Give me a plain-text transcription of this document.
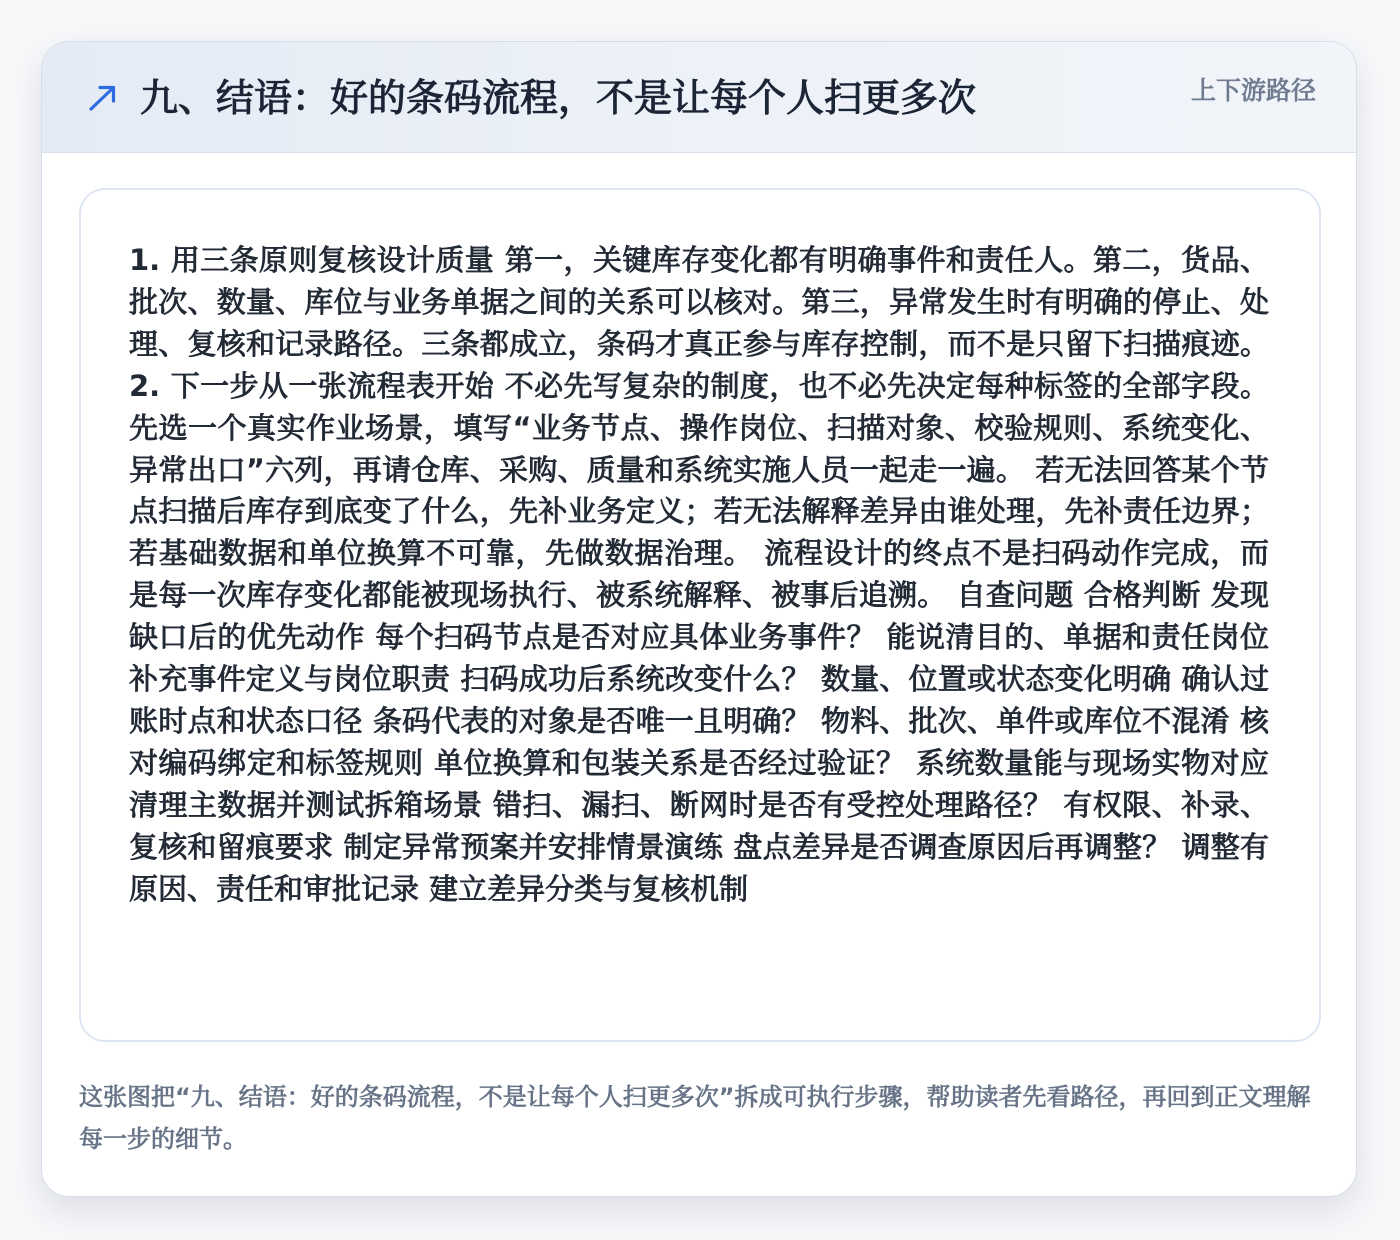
九、结语：好的条码流程，不是让每个人扫更多次	上下游路径

1. 用三条原则复核设计质量 第一，关键库存变化都有明确事件和责任人。第二，货品、批次、数量、库位与业务单据之间的关系可以核对。第三，异常发生时有明确的停止、处理、复核和记录路径。三条都成立，条码才真正参与库存控制，而不是只留下扫描痕迹。 2. 下一步从一张流程表开始 不必先写复杂的制度，也不必先决定每种标签的全部字段。先选一个真实作业场景，填写“业务节点、操作岗位、扫描对象、校验规则、系统变化、异常出口”六列，再请仓库、采购、质量和系统实施人员一起走一遍。 若无法回答某个节点扫描后库存到底变了什么，先补业务定义；若无法解释差异由谁处理，先补责任边界；若基础数据和单位换算不可靠，先做数据治理。 流程设计的终点不是扫码动作完成，而是每一次库存变化都能被现场执行、被系统解释、被事后追溯。 自查问题 合格判断 发现缺口后的优先动作 每个扫码节点是否对应具体业务事件？ 能说清目的、单据和责任岗位 补充事件定义与岗位职责 扫码成功后系统改变什么？ 数量、位置或状态变化明确 确认过账时点和状态口径 条码代表的对象是否唯一且明确？ 物料、批次、单件或库位不混淆 核对编码绑定和标签规则 单位换算和包装关系是否经过验证？ 系统数量能与现场实物对应 清理主数据并测试拆箱场景 错扫、漏扫、断网时是否有受控处理路径？ 有权限、补录、复核和留痕要求 制定异常预案并安排情景演练 盘点差异是否调查原因后再调整？ 调整有原因、责任和审批记录 建立差异分类与复核机制

这张图把“九、结语：好的条码流程，不是让每个人扫更多次”拆成可执行步骤，帮助读者先看路径，再回到正文理解每一步的细节。
